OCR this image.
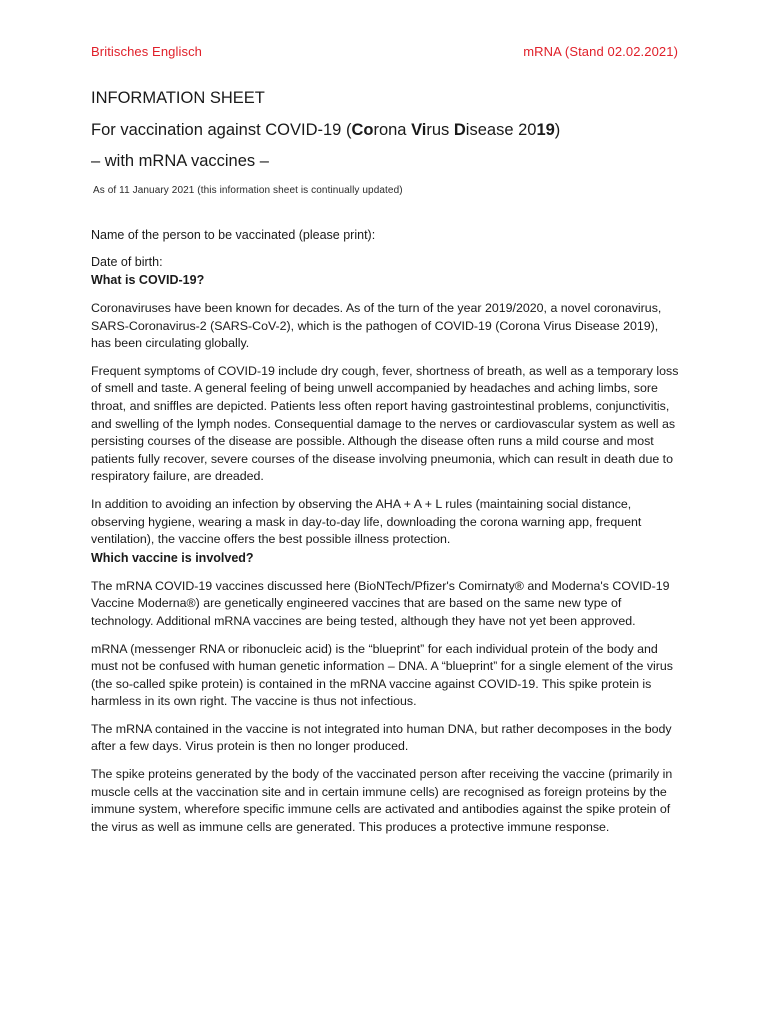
Britisches Englisch	mRNA (Stand 02.02.2021)

INFORMATION SHEET

For vaccination against COVID-19 (Corona Virus Disease 2019)

– with mRNA vaccines –

As of 11 January 2021 (this information sheet is continually updated)

Name of the person to be vaccinated (please print):

Date of birth:

What is COVID-19?

Coronaviruses have been known for decades. As of the turn of the year 2019/2020, a novel coronavirus, SARS-Coronavirus-2 (SARS-CoV-2), which is the pathogen of COVID-19 (Corona Virus Disease 2019), has been circulating globally.

Frequent symptoms of COVID-19 include dry cough, fever, shortness of breath, as well as a temporary loss of smell and taste. A general feeling of being unwell accompanied by headaches and aching limbs, sore throat, and sniffles are depicted. Patients less often report having gastrointestinal problems, conjunctivitis, and swelling of the lymph nodes. Consequential damage to the nerves or cardiovascular system as well as persisting courses of the disease are possible. Although the disease often runs a mild course and most patients fully recover, severe courses of the disease involving pneumonia, which can result in death due to respiratory failure, are dreaded.

In addition to avoiding an infection by observing the AHA + A + L rules (maintaining social distance, observing hygiene, wearing a mask in day-to-day life, downloading the corona warning app, frequent ventilation), the vaccine offers the best possible illness protection.

Which vaccine is involved?

The mRNA COVID-19 vaccines discussed here (BioNTech/Pfizer's Comirnaty® and Moderna's COVID-19 Vaccine Moderna®) are genetically engineered vaccines that are based on the same new type of technology. Additional mRNA vaccines are being tested, although they have not yet been approved.

mRNA (messenger RNA or ribonucleic acid) is the “blueprint” for each individual protein of the body and must not be confused with human genetic information – DNA. A “blueprint” for a single element of the virus (the so-called spike protein) is contained in the mRNA vaccine against COVID-19. This spike protein is harmless in its own right. The vaccine is thus not infectious.

The mRNA contained in the vaccine is not integrated into human DNA, but rather decomposes in the body after a few days. Virus protein is then no longer produced.

The spike proteins generated by the body of the vaccinated person after receiving the vaccine (primarily in muscle cells at the vaccination site and in certain immune cells) are recognised as foreign proteins by the immune system, wherefore specific immune cells are activated and antibodies against the spike protein of the virus as well as immune cells are generated. This produces a protective immune response.
